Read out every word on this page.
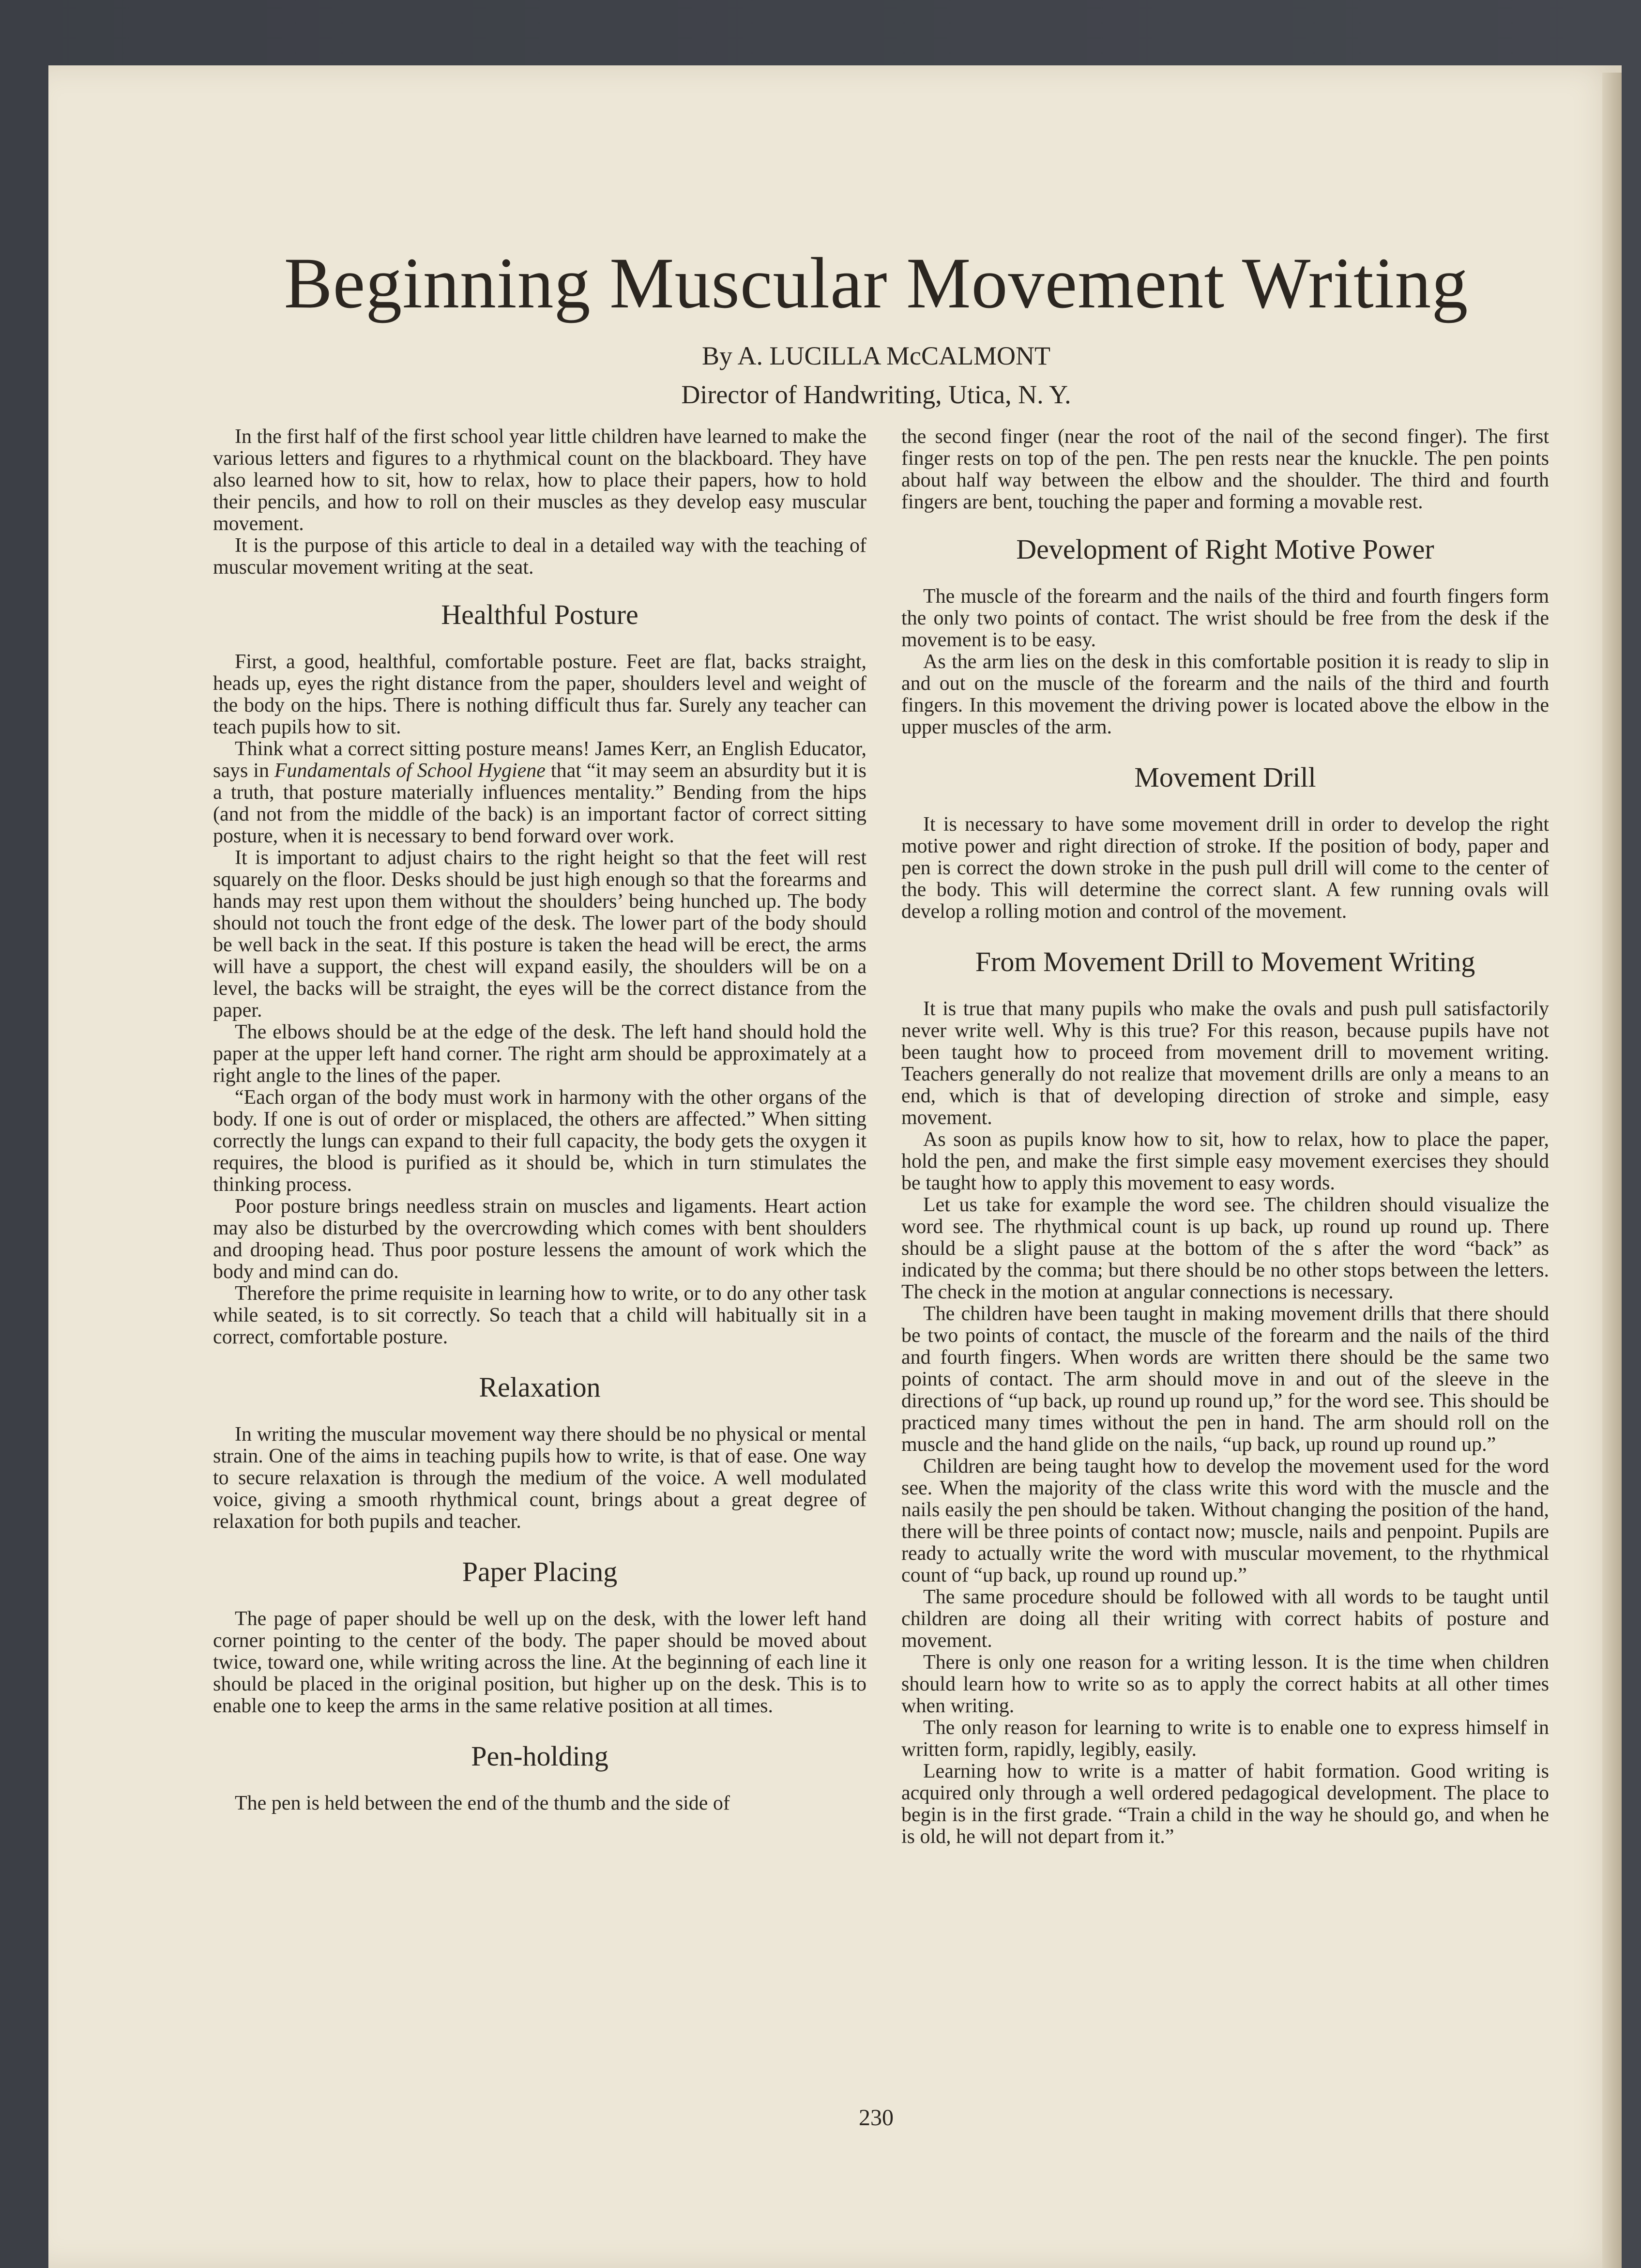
Beginning Muscular Movement Writing
By A. LUCILLA McCALMONT
Director of Handwriting, Utica, N. Y.

In the first half of the first school year little children have learned to make the various letters and figures to a rhythmical count on the blackboard. They have also learned how to sit, how to relax, how to place their papers, how to hold their pencils, and how to roll on their muscles as they develop easy muscular movement.

It is the purpose of this article to deal in a detailed way with the teaching of muscular movement writing at the seat.

Healthful Posture

First, a good, healthful, comfortable posture. Feet are flat, backs straight, heads up, eyes the right distance from the paper, shoulders level and weight of the body on the hips. There is nothing difficult thus far. Surely any teacher can teach pupils how to sit.

Think what a correct sitting posture means! James Kerr, an English Educator, says in Fundamentals of School Hygiene that “it may seem an absurdity but it is a truth, that posture materially influences mentality.” Bending from the hips (and not from the middle of the back) is an important factor of correct sitting posture, when it is necessary to bend forward over work.

It is important to adjust chairs to the right height so that the feet will rest squarely on the floor. Desks should be just high enough so that the forearms and hands may rest upon them without the shoulders’ being hunched up. The body should not touch the front edge of the desk. The lower part of the body should be well back in the seat. If this posture is taken the head will be erect, the arms will have a support, the chest will expand easily, the shoulders will be on a level, the backs will be straight, the eyes will be the correct distance from the paper.

The elbows should be at the edge of the desk. The left hand should hold the paper at the upper left hand corner. The right arm should be approximately at a right angle to the lines of the paper.

“Each organ of the body must work in harmony with the other organs of the body. If one is out of order or misplaced, the others are affected.” When sitting correctly the lungs can expand to their full capacity, the body gets the oxygen it requires, the blood is purified as it should be, which in turn stimulates the thinking process.

Poor posture brings needless strain on muscles and ligaments. Heart action may also be disturbed by the overcrowding which comes with bent shoulders and drooping head. Thus poor posture lessens the amount of work which the body and mind can do.

Therefore the prime requisite in learning how to write, or to do any other task while seated, is to sit correctly. So teach that a child will habitually sit in a correct, comfortable posture.

Relaxation

In writing the muscular movement way there should be no physical or mental strain. One of the aims in teaching pupils how to write, is that of ease. One way to secure relaxation is through the medium of the voice. A well modulated voice, giving a smooth rhythmical count, brings about a great degree of relaxation for both pupils and teacher.

Paper Placing

The page of paper should be well up on the desk, with the lower left hand corner pointing to the center of the body. The paper should be moved about twice, toward one, while writing across the line. At the beginning of each line it should be placed in the original position, but higher up on the desk. This is to enable one to keep the arms in the same relative position at all times.

Pen-holding

The pen is held between the end of the thumb and the side of

the second finger (near the root of the nail of the second finger). The first finger rests on top of the pen. The pen rests near the knuckle. The pen points about half way between the elbow and the shoulder. The third and fourth fingers are bent, touching the paper and forming a movable rest.

Development of Right Motive Power

The muscle of the forearm and the nails of the third and fourth fingers form the only two points of contact. The wrist should be free from the desk if the movement is to be easy.

As the arm lies on the desk in this comfortable position it is ready to slip in and out on the muscle of the forearm and the nails of the third and fourth fingers. In this movement the driving power is located above the elbow in the upper muscles of the arm.

Movement Drill

It is necessary to have some movement drill in order to develop the right motive power and right direction of stroke. If the position of body, paper and pen is correct the down stroke in the push pull drill will come to the center of the body. This will determine the correct slant. A few running ovals will develop a rolling motion and control of the movement.

From Movement Drill to Movement Writing

It is true that many pupils who make the ovals and push pull satisfactorily never write well. Why is this true? For this reason, because pupils have not been taught how to proceed from movement drill to movement writing. Teachers generally do not realize that movement drills are only a means to an end, which is that of developing direction of stroke and simple, easy movement.

As soon as pupils know how to sit, how to relax, how to place the paper, hold the pen, and make the first simple easy movement exercises they should be taught how to apply this movement to easy words.

Let us take for example the word see. The children should visualize the word see. The rhythmical count is up back, up round up round up. There should be a slight pause at the bottom of the s after the word “back” as indicated by the comma; but there should be no other stops between the letters. The check in the motion at angular connections is necessary.

The children have been taught in making movement drills that there should be two points of contact, the muscle of the forearm and the nails of the third and fourth fingers. When words are written there should be the same two points of contact. The arm should move in and out of the sleeve in the directions of “up back, up round up round up,” for the word see. This should be practiced many times without the pen in hand. The arm should roll on the muscle and the hand glide on the nails, “up back, up round up round up.”

Children are being taught how to develop the movement used for the word see. When the majority of the class write this word with the muscle and the nails easily the pen should be taken. Without changing the position of the hand, there will be three points of contact now; muscle, nails and penpoint. Pupils are ready to actually write the word with muscular movement, to the rhythmical count of “up back, up round up round up.”

The same procedure should be followed with all words to be taught until children are doing all their writing with correct habits of posture and movement.

There is only one reason for a writing lesson. It is the time when children should learn how to write so as to apply the correct habits at all other times when writing.

The only reason for learning to write is to enable one to express himself in written form, rapidly, legibly, easily.

Learning how to write is a matter of habit formation. Good writing is acquired only through a well ordered pedagogical development. The place to begin is in the first grade. “Train a child in the way he should go, and when he is old, he will not depart from it.”

230
